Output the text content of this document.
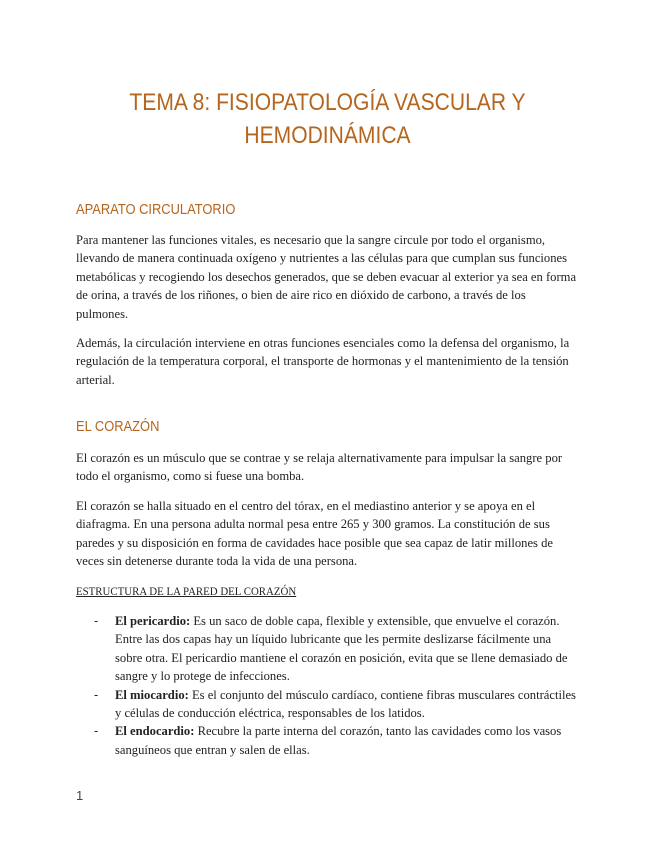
TEMA 8: FISIOPATOLOGÍA VASCULAR Y HEMODINÁMICA
APARATO CIRCULATORIO

Para mantener las funciones vitales, es necesario que la sangre circule por todo el organismo, llevando de manera continuada oxígeno y nutrientes a las células para que cumplan sus funciones metabólicas y recogiendo los desechos generados, que se deben evacuar al exterior ya sea en forma de orina, a través de los riñones, o bien de aire rico en dióxido de carbono, a través de los pulmones.

Además, la circulación interviene en otras funciones esenciales como la defensa del organismo, la regulación de la temperatura corporal, el transporte de hormonas y el mantenimiento de la tensión arterial.

EL CORAZÓN

El corazón es un músculo que se contrae y se relaja alternativamente para impulsar la sangre por todo el organismo, como si fuese una bomba.

El corazón se halla situado en el centro del tórax, en el mediastino anterior y se apoya en el diafragma. En una persona adulta normal pesa entre 265 y 300 gramos. La constitución de sus paredes y su disposición en forma de cavidades hace posible que sea capaz de latir millones de veces sin detenerse durante toda la vida de una persona.

ESTRUCTURA DE LA PARED DEL CORAZÓN

- El pericardio: Es un saco de doble capa, flexible y extensible, que envuelve el corazón. Entre las dos capas hay un líquido lubricante que les permite deslizarse fácilmente una sobre otra. El pericardio mantiene el corazón en posición, evita que se llene demasiado de sangre y lo protege de infecciones.
- El miocardio: Es el conjunto del músculo cardíaco, contiene fibras musculares contráctiles y células de conducción eléctrica, responsables de los latidos.
- El endocardio: Recubre la parte interna del corazón, tanto las cavidades como los vasos sanguíneos que entran y salen de ellas.
1
